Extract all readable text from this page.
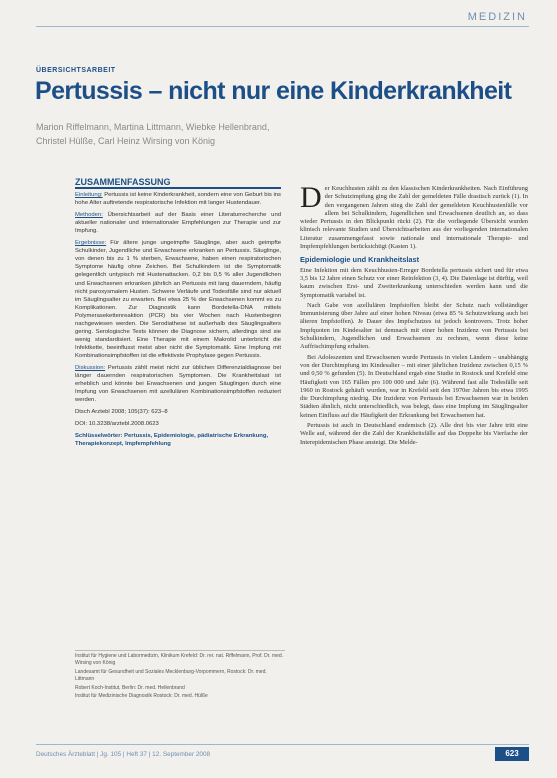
MEDIZIN
ÜBERSICHTSARBEIT
Pertussis – nicht nur eine Kinderkrankheit
Marion Riffelmann, Martina Littmann, Wiebke Hellenbrand,
Christel Hülße, Carl Heinz Wirsing von König
ZUSAMMENFASSUNG

Einleitung: Pertussis ist keine Kinderkrankheit, sondern eine von Geburt bis ins hohe Alter auftretende respiratorische Infektion mit langer Hustendauer.

Methoden: Übersichtsarbeit auf der Basis einer Literaturrecherche und aktueller nationaler und internationaler Empfehlungen zur Therapie und zur Impfung.

Ergebnisse: Für ältere junge ungeimpfte Säuglinge, aber auch geimpfte Schulkinder, Jugendliche und Erwachsene erkranken an Pertussis. Säuglinge, von denen bis zu 1 % sterben, Erwachsene, haben einen respiratorischen Symptome häufig ohne Zeichen. Bei Schulkindern ist die Symptomatik gelegentlich untypisch mit Hustenattacken. 0,2 bis 0,5 % aller Jugendlichen und Erwachsenen erkranken jährlich an Pertussis mit lang dauerndem, häufig nicht paroxysmalem Husten. Schwere Verläufe und Todesfälle sind nur aktuell im Säuglingsalter zu erwarten. Bei etwa 25 % der Erwachsenen kommt es zu Komplikationen. Zur Diagnostik kann Bordetella-DNA mittels Polymerasekettenreaktion (PCR) bis vier Wochen nach Hustenbeginn nachgewiesen werden. Die Serodiathese ist außerhalb des Säuglingsalters gering. Serologische Tests können die Diagnose sichern, allerdings sind sie wenig standardisiert. Eine Therapie mit einem Makrolid unterbricht die Infektkette, beeinflusst meist aber nicht die Symptomatik. Eine Impfung mit Kombinationsimpfstoffen ist die effektivste Prophylaxe gegen Pertussis.

Diskussion: Pertussis zählt meist nicht zur üblichen Differenzialdiagnose bei länger dauernden respiratorischen Symptomen. Die Krankheitslast ist erheblich und könnte bei Erwachsenen und jungen Säuglingen durch eine Impfung von Erwachsenen mit azellulären Kombinationsimpfstoffen reduziert werden.

Dtsch Arztebl 2008; 105(37): 623–8

DOI: 10.3238/arztebl.2008.0623

Schlüsselwörter: Pertussis, Epidemiologie, pädiatrische Erkrankung, Therapiekonzept, Impfempfehlung

Institut für Hygiene und Labormedizin, Klinikum Krefeld: Dr. rer. nat. Riffelmann, Prof. Dr. med. Wirsing von König

Landesamt für Gesundheit und Soziales Mecklenburg-Vorpommern, Rostock: Dr. med. Littmann

Robert Koch-Institut, Berlin: Dr. med. Hellenbrand

Institut für Medizinische Diagnostik Rostock: Dr. med. Hülße

Der Keuchhusten zählt zu den klassischen Kinderkrankheiten. Nach Einführung der Schutzimpfung ging die Zahl der gemeldeten Fälle drastisch zurück (1). In den vergangenen Jahren stieg die Zahl der gemeldeten Keuchhustenfälle vor allem bei Schulkindern, Jugendlichen und Erwachsenen deutlich an, so dass wieder Pertussis in den Blickpunkt rückt (2). Für die vorliegende Übersicht wurden klinisch relevante Studien und Übersichtsarbeiten aus der vorliegenden internationalen Literatur zusammengefasst sowie nationale und internationale Therapie- und Impfempfehlungen berücksichtigt (Kasten 1).

Epidemiologie und Krankheitslast

Eine Infektion mit dem Keuchhusten-Erreger Bordetella pertussis sichert und für etwa 3,5 bis 12 Jahre einen Schutz vor einer Reinfektion (3, 4). Die Datenlage ist dürftig, weil kaum zwischen Erst- und Zweiterkrankung unterschieden werden kann und die Symptomatik variabel ist.

Nach Gabe von azellulären Impfstoffen bleibt der Schutz nach vollständiger Immunisierung über Jahre auf einer hohen Niveau (etwa 85 % Schutzwirkung auch bei älteren Impfstoffen). Je Dauer des Impfschutzes ist jedoch kontrovers. Trotz hoher Impfquoten im Kindesalter ist demnach mit einer hohen Inzidenz von Pertussis bei Schulkindern, Jugendlichen und Erwachsenen zu rechnen, wenn diese keine Auffrischimpfung erhalten.

Bei Adoleszenten und Erwachsenen wurde Pertussis in vielen Ländern – unabhängig von der Durchimpfung im Kindesalter – mit einer jährlichen Inzidenz zwischen 0,15 % und 0,50 % gefunden (5). In Deutschland ergab eine Studie in Rostock und Krefeld eine Häufigkeit von 165 Fällen pro 100 000 und Jahr (6). Während fast alle Todesfälle seit 1960 in Rostock gehäuft wurden, war in Krefeld seit den 1970er Jahren bis etwa 1995 die Durchimpfung niedrig. Die Inzidenz von Pertussis bei Erwachsenen war in beiden Städten ähnlich, nicht unterschiedlich, was belegt, dass eine Impfung im Säuglingsalter keinen Einfluss auf die Häufigkeit der Erkrankung bei Erwachsenen hat.

Pertussis ist auch in Deutschland endemisch (2). Alle drei bis vier Jahre tritt eine Welle auf, während der die Zahl der Krankheitsfälle auf das Doppelte bis Vierfache der Interepidemischen Phase ansteigt. Die Melde-

Deutsches Ärzteblatt | Jg. 105 | Heft 37 | 12. September 2008	623
